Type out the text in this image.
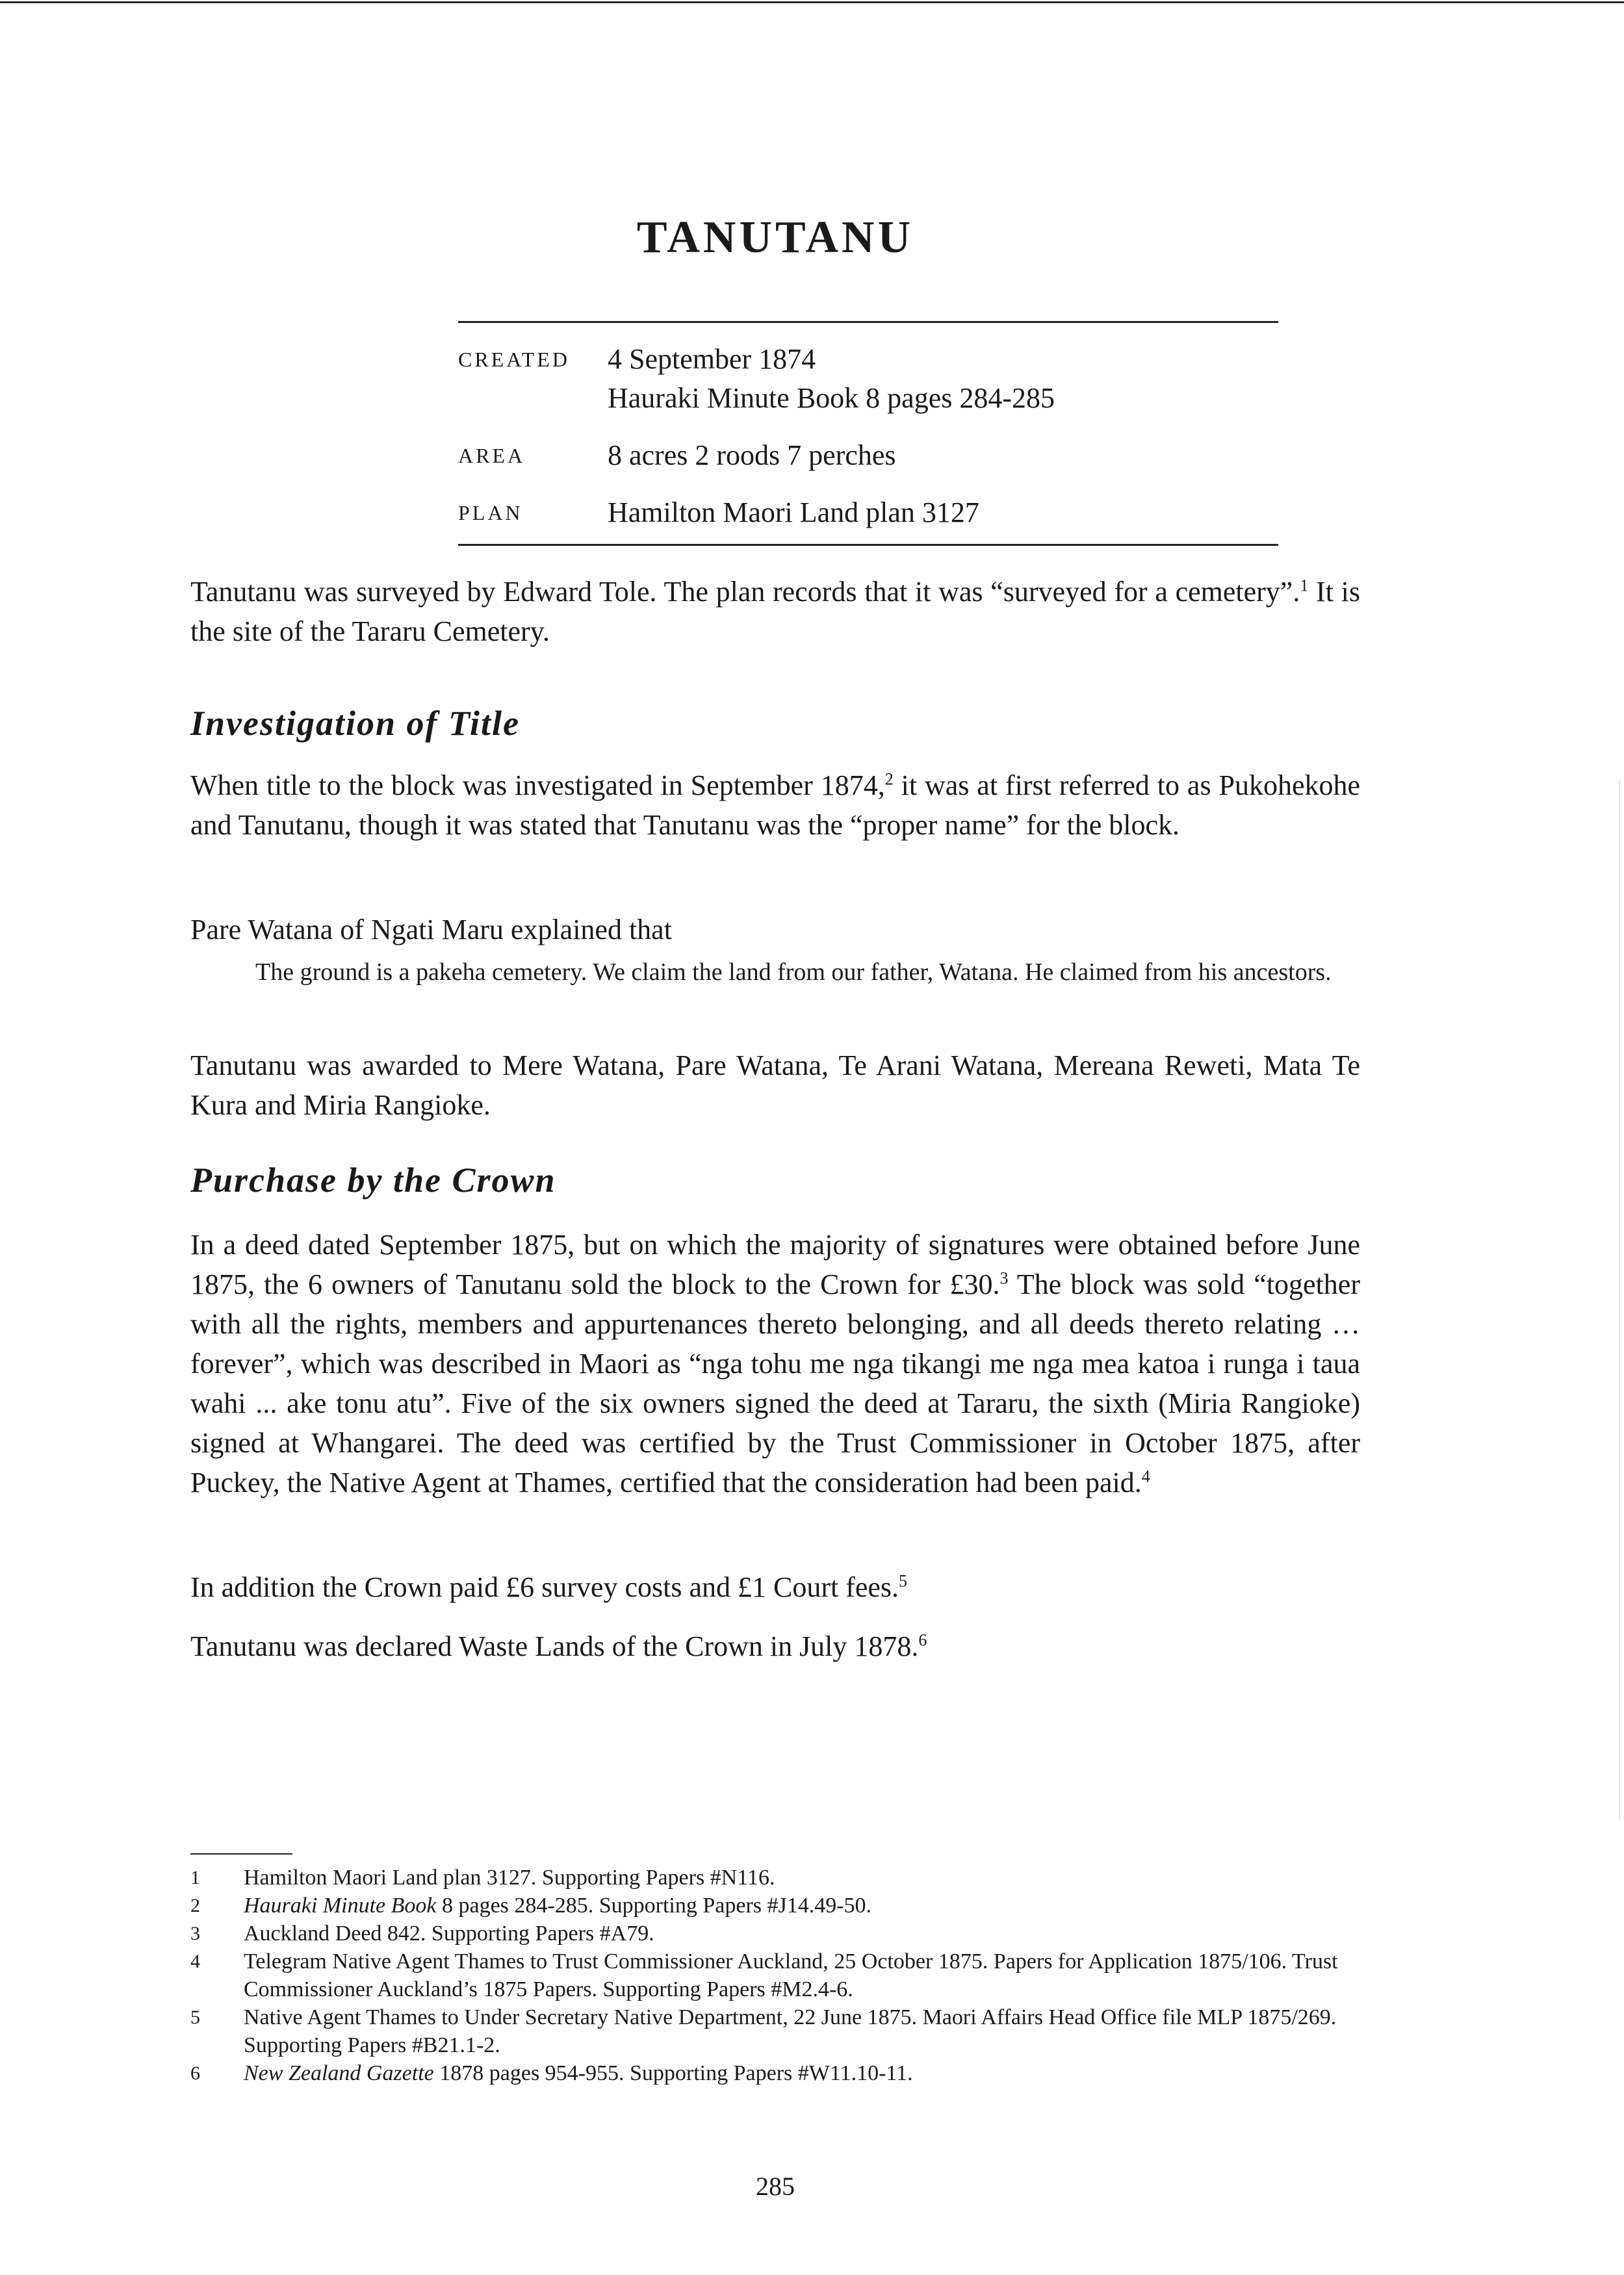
TANUTANU
CREATED	4 September 1874
Hauraki Minute Book 8 pages 284-285
AREA	8 acres 2 roods 7 perches
PLAN	Hamilton Maori Land plan 3127

Tanutanu was surveyed by Edward Tole. The plan records that it was “surveyed for a cemetery”.$^1$ It is the site of the Tararu Cemetery.

Investigation of Title

When title to the block was investigated in September 1874,$^2$ it was at first referred to as Pukohekohe and Tanutanu, though it was stated that Tanutanu was the “proper name” for the block.

Pare Watana of Ngati Maru explained that

The ground is a pakeha cemetery. We claim the land from our father, Watana. He claimed from his ancestors.

Tanutanu was awarded to Mere Watana, Pare Watana, Te Arani Watana, Mereana Reweti, Mata Te Kura and Miria Rangioke.

Purchase by the Crown

In a deed dated September 1875, but on which the majority of signatures were obtained before June 1875, the 6 owners of Tanutanu sold the block to the Crown for £30.$^3$ The block was sold “together with all the rights, members and appurtenances thereto belonging, and all deeds thereto relating … forever”, which was described in Maori as “nga tohu me nga tikangi me nga mea katoa i runga i taua wahi ... ake tonu atu”. Five of the six owners signed the deed at Tararu, the sixth (Miria Rangioke) signed at Whangarei. The deed was certified by the Trust Commissioner in October 1875, after Puckey, the Native Agent at Thames, certified that the consideration had been paid.$^4$

In addition the Crown paid £6 survey costs and £1 Court fees.$^5$

Tanutanu was declared Waste Lands of the Crown in July 1878.$^6$

1	Hamilton Maori Land plan 3127. Supporting Papers #N116.
2	Hauraki Minute Book 8 pages 284-285. Supporting Papers #J14.49-50.
3	Auckland Deed 842. Supporting Papers #A79.
4	Telegram Native Agent Thames to Trust Commissioner Auckland, 25 October 1875. Papers for Application 1875/106. Trust Commissioner Auckland’s 1875 Papers. Supporting Papers #M2.4-6.
5	Native Agent Thames to Under Secretary Native Department, 22 June 1875. Maori Affairs Head Office file MLP 1875/269. Supporting Papers #B21.1-2.
6	New Zealand Gazette 1878 pages 954-955. Supporting Papers #W11.10-11.
285
